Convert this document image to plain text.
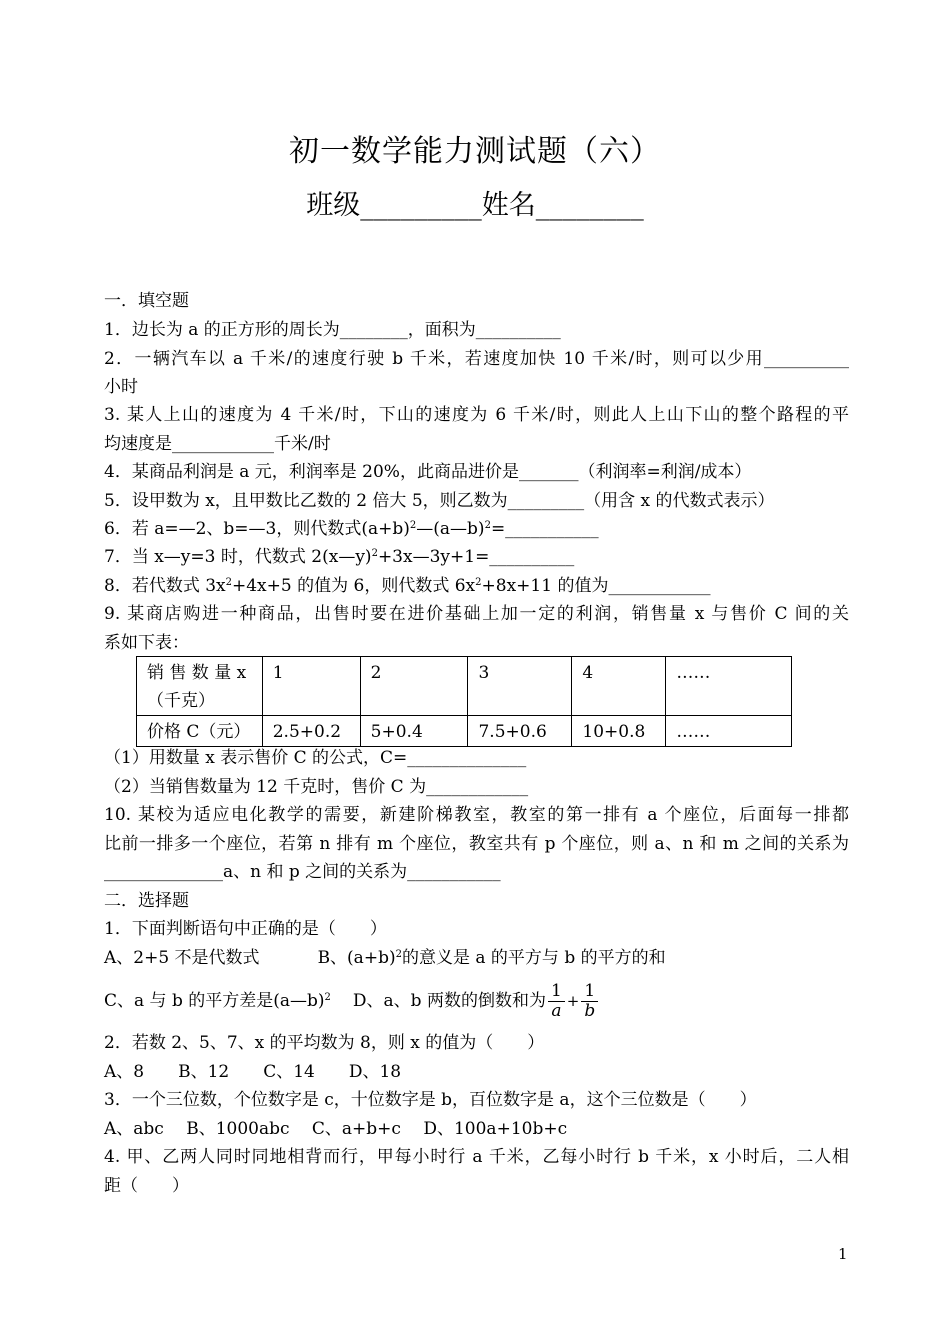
初一数学能力测试题（六）
班级_________姓名________
一．填空题
1．边长为 a 的正方形的周长为________，面积为__________
2．一辆汽车以 a 千米/的速度行驶 b 千米，若速度加快 10 千米/时，则可以少用__________
小时
3. 某人上山的速度为 4 千米/时，下山的速度为 6 千米/时，则此人上山下山的整个路程的平
均速度是____________千米/时
4．某商品利润是 a 元，利润率是 20%，此商品进价是_______（利润率=利润/成本）
5．设甲数为 x，且甲数比乙数的 2 倍大 5，则乙数为_________（用含 x 的代数式表示）
6．若 a=—2、b=—3，则代数式$(a+b)^2—(a—b)^2=\_\_\_\_\_\_\_\_\_\_\_$
7．当 x—y=3 时，代数式 2(x—y)$^2$+3x—3y+1=__________
8．若代数式 $3x^2+4x+5$ 的值为 6，则代数式 $6x^2+8x+11$ 的值为____________
9. 某商店购进一种商品，出售时要在进价基础上加一定的利润，销售量 x 与售价 C 间的关
系如下表：
销 售 数 量 x
（千克）	1	2	3	4	……
价格 C（元）	2.5+0.2	5+0.4	7.5+0.6	10+0.8	……
（1）用数量 x 表示售价 C 的公式，C=______________
（2）当销售数量为 12 千克时，售价 C 为____________
10. 某校为适应电化教学的需要，新建阶梯教室，教室的第一排有 a 个座位，后面每一排都
比前一排多一个座位，若第 n 排有 m 个座位，教室共有 p 个座位，则 a、n 和 m 之间的关系为
______________a、n 和 p 之间的关系为___________
二．选择题
1．下面判断语句中正确的是（　　）
A、2+5 不是代数式	B、$(a+b)^2$的意义是 a 的平方与 b 的平方的和
C、a 与 b 的平方差是(a—b)$^2$ D、a、b 两数的倒数和为 $\frac{1}{a} + \frac{1}{b}$
2．若数 2、5、7、x 的平均数为 8，则 x 的值为（　　）
A、8　　B、12　　C、14　　D、18
3．一个三位数，个位数字是 c，十位数字是 b，百位数字是 a，这个三位数是（　　）
A、abc　 B、1000abc　 C、a+b+c　 D、100a+10b+c
4. 甲、乙两人同时同地相背而行，甲每小时行 a 千米，乙每小时行 b 千米，x 小时后，二人相
距（　　）
1
